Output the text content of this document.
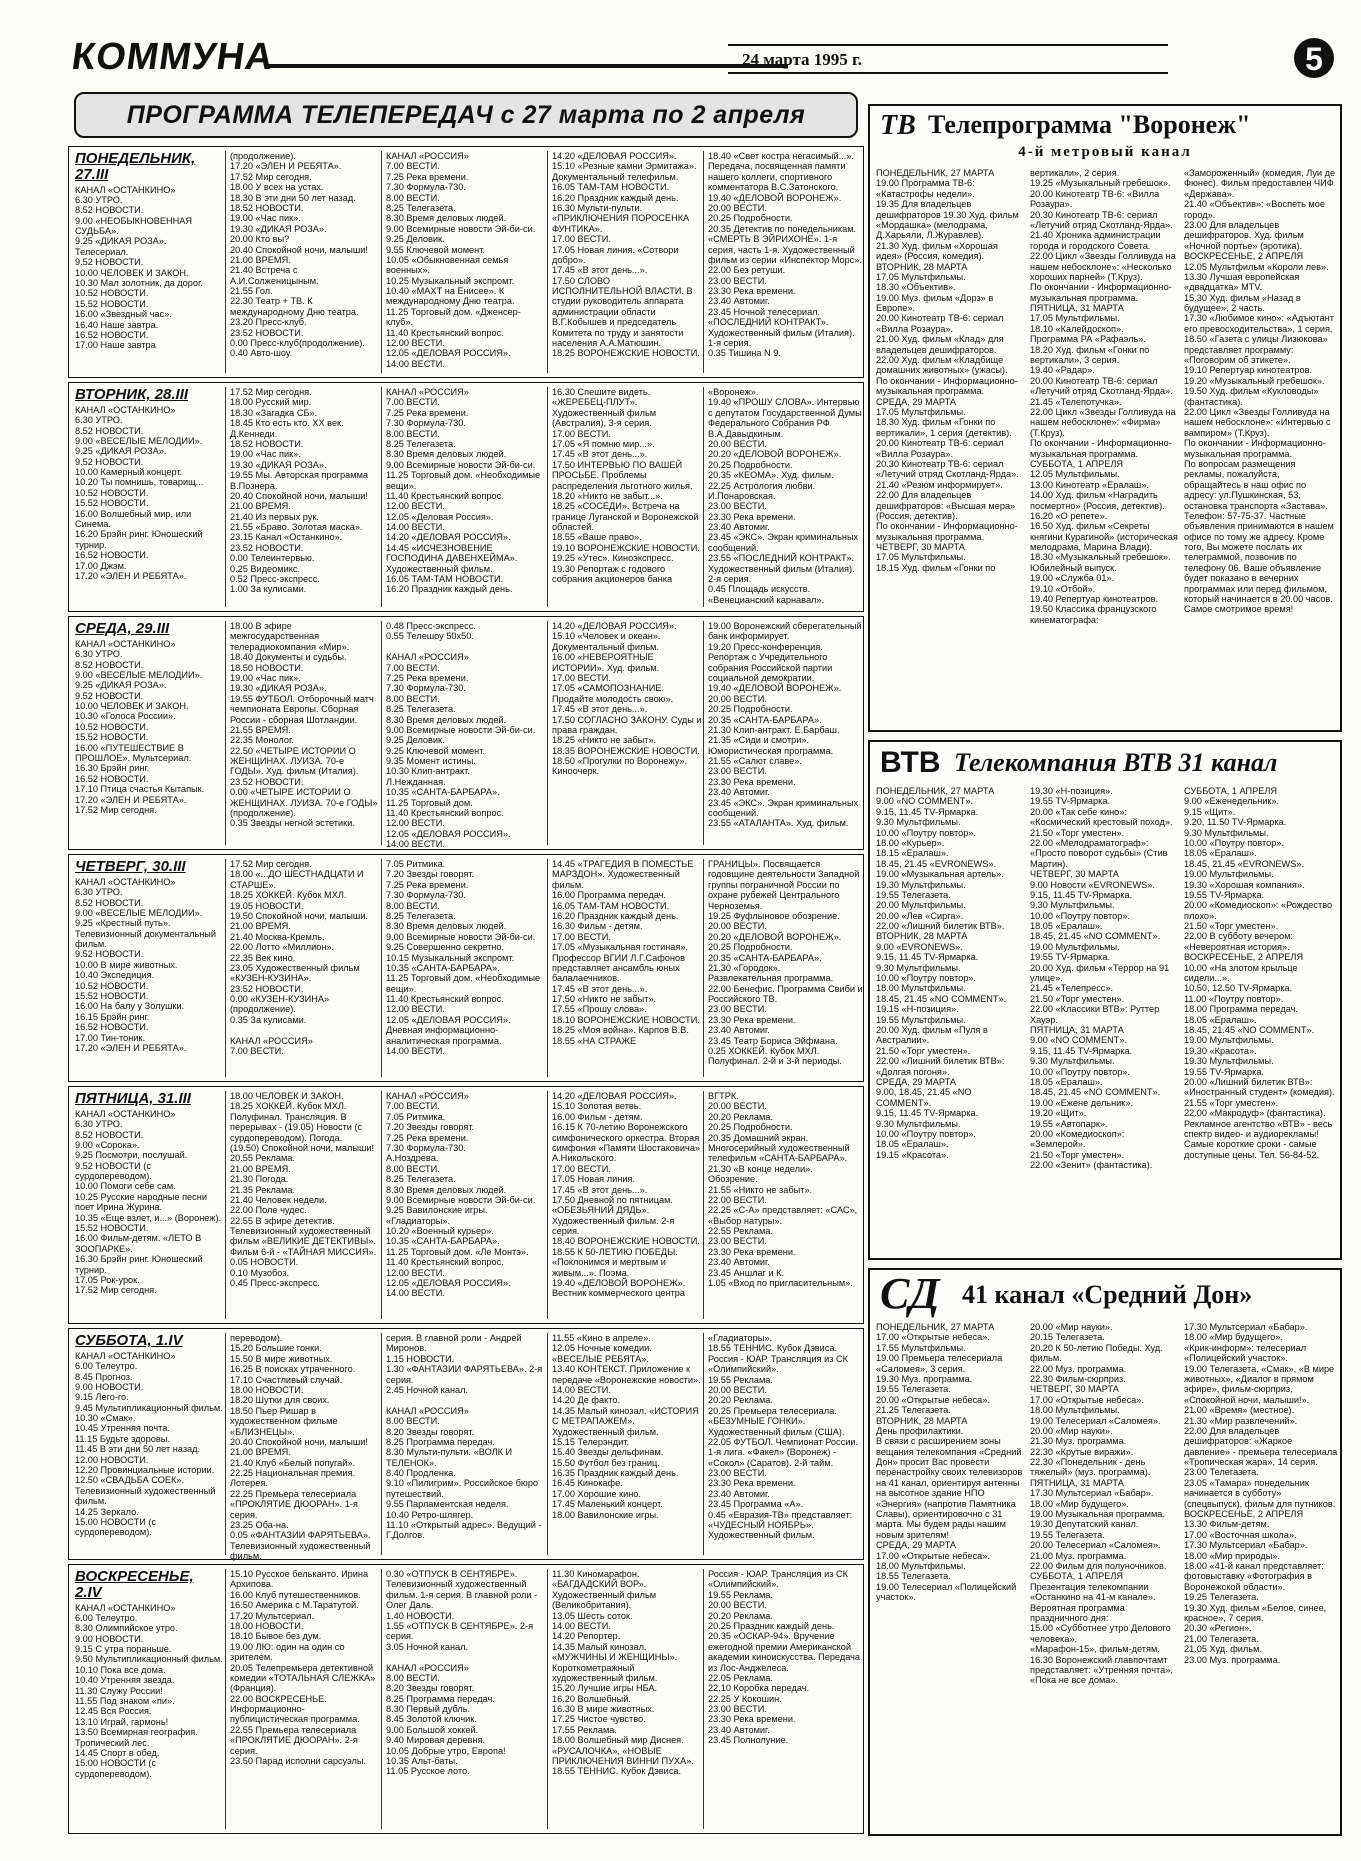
КОММУНА	24 марта 1995 г.	5
ПРОГРАММА ТЕЛЕПЕРЕДАЧ с 27 марта по 2 апреля
ПОНЕДЕЛЬНИК, 27.III
КАНАЛ «ОСТАНКИНО»
6.30 УТРО.
8.52 НОВОСТИ.
9.00 «НЕОБЫКНОВЕННАЯ СУДЬБА».
9.25 «ДИКАЯ РОЗА».
Телесериал.
9.52 НОВОСТИ.
10.00 ЧЕЛОВЕК И ЗАКОН.
10.30 Мал золотник, да дорог.
10.52 НОВОСТИ.
15.52 НОВОСТИ.
16.00 «Звездный час».
16.40 Наше завтра.
16.52 НОВОСТИ.
17.00 Наше завтра
(продолжение).
17.20 «ЭЛЕН И РЕБЯТА».
17.52 Мир сегодня.
18.00 У всех на устах.
18.30 В эти дни 50 лет назад.
18.52 НОВОСТИ.
19.00 «Час пик».
19.30 «ДИКАЯ РОЗА».
20.00 Кто вы?
20.40 Спокойной ночи, малыши!
21.00 ВРЕМЯ.
21.40 Встреча с А.И.Солженицыным.
21.55 Гол.
22.30 Театр + ТВ. К международному Дню театра.
23.20 Пресс-клуб.
23.52 НОВОСТИ.
0.00 Пресс-клуб(продолжение).
0.40 Авто-шоу.
КАНАЛ «РОССИЯ»
7.00 ВЕСТИ.
7.25 Река времени.
7.30 Формула-730.
8.00 ВЕСТИ.
8.25 Телегазета.
8.30 Время деловых людей.
9.00 Всемирные новости Эй-би-си.
9.25 Деловик.
9.55 Ключевой момент.
10.05 «Обыкновенная семья военных».
10.25 Музыкальный экспромт.
10.40 «МАХТ на Енисее». К международному Дню театра.
11.25 Торговый дом. «Дженсер-клуб».
11.40 Крестьянский вопрос.
12.00 ВЕСТИ.
12.05 «ДЕЛОВАЯ РОССИЯ».
14.00 ВЕСТИ.
14.20 «ДЕЛОВАЯ РОССИЯ».
15.10 «Резные камни Эрмитажа». Документальный телефильм.
16.05 ТАМ-ТАМ НОВОСТИ.
16.20 Праздник каждый день.
16.30 Мульти-пульти.
«ПРИКЛЮЧЕНИЯ ПОРОСЕНКА ФУНТИКА».
17.00 ВЕСТИ.
17.05 Новая линия. «Сотвори добро».
17.45 «В этот день...».
17.50 СЛОВО ИСПОЛНИТЕЛЬНОЙ ВЛАСТИ. В студии руководитель аппарата администрации области В.Г.Кобышев и председатель Комитета по труду и занятости населения А.А.Матюшин.
18.25 ВОРОНЕЖСКИЕ НОВОСТИ.
18.40 «Свет костра негасимый...». Передача, посвященная памяти нашего коллеги, спортивного комментатора В.С.Затонского.
19.40 «ДЕЛОВОЙ ВОРОНЕЖ».
20.00 ВЕСТИ.
20.25 Подробности.
20.35 Детектив по понедельникам. «СМЕРТЬ В ЭЙРИХОНЕ». 1-я серия, часть 1-я. Художественный фильм из серии «Инспектор Морс».
22.00 Без ретуши.
23.00 ВЕСТИ.
23.30 Река времени.
23.40 Автомиг.
23.45 Ночной телесериал. «ПОСЛЕДНИЙ КОНТРАКТ». Художественный фильм (Италия). 1-я серия.
0.35 Тишина N 9.
ВТОРНИК, 28.III
КАНАЛ «ОСТАНКИНО»
6.30 УТРО.
8.52 НОВОСТИ.
9.00 «ВЕСЕЛЫЕ МЕЛОДИИ».
9.25 «ДИКАЯ РОЗА».
9.52 НОВОСТИ.
10.00 Камерный концерт.
10.20 Ты помнишь, товарищ...
10.52 НОВОСТИ.
15.52 НОВОСТИ.
16.00 Волшебный мир, или Синема.
16.20 Брэйн ринг. Юношеский турнир.
16.52 НОВОСТИ.
17.00 Джэм.
17.20 «ЭЛЕН И РЕБЯТА».
17.52 Мир сегодня.
18.00 Русский мир.
18.30 «Загадка СБ».
18.45 Кто есть кто. XX век. Д.Кеннеди.
18.52 НОВОСТИ.
19.00 «Час пик».
19.30 «ДИКАЯ РОЗА».
19.55 Мы. Авторская программа В.Познера.
20.40 Спокойной ночи, малыши!
21.00 ВРЕМЯ.
21.40 Из первых рук.
21.55 «Браво. Золотая маска».
23.15 Канал «Останкино».
23.52 НОВОСТИ.
0.00 Телеинтервью.
0.25 Видеомикс.
0.52 Пресс-экспресс.
1.00 За кулисами.
КАНАЛ «РОССИЯ»
7.00 ВЕСТИ.
7.25 Река времени.
7.30 Формула-730.
8.00 ВЕСТИ.
8.25 Телегазета.
8.30 Время деловых людей.
9.00 Всемирные новости Эй-би-си.
11.25 Торговый дом. «Необходимые вещи».
11.40 Крестьянский вопрос.
12.00 ВЕСТИ.
12.05 «Деловая Россия».
14.00 ВЕСТИ.
14.20 «ДЕЛОВАЯ РОССИЯ».
14.45 «ИСЧЕЗНОВЕНИЕ ГОСПОДИНА ДАВЕНХЕЙМА». Художественный фильм.
16.05 ТАМ-ТАМ НОВОСТИ.
16.20 Праздник каждый день.
16.30 Спешите видеть. «ЖЕРЕБЕЦ-ПЛУТ». Художественный фильм (Австралия), 3-я серия.
17.00 ВЕСТИ.
17.05 «Я помню мир...».
17.45 «В этот день...».
17.50 ИНТЕРВЬЮ ПО ВАШЕЙ ПРОСЬБЕ. Проблемы распределения льготного жилья.
18.20 «Никто не забыт...».
18.25 «СОСЕДИ». Встреча на границе Луганской и Воронежской областей.
18.55 «Ваше право».
19.10 ВОРОНЕЖСКИЕ НОВОСТИ.
19.25 «Утес». Киноэкспресс.
19.30 Репортаж с годового собрания акционеров банка
«Воронеж».
19.40 «ПРОШУ СЛОВА». Интервью с депутатом Государственной Думы Федерального Собрания РФ В.А.Давыдкиным.
20.00 ВЕСТИ.
20.20 «ДЕЛОВОЙ ВОРОНЕЖ».
20.25 Подробности.
20.35 «КЕОМА». Худ. фильм.
22.25 Астрология любви.
И.Понаровская.
23.00 ВЕСТИ.
23.30 Река времени.
23.40 Автомиг.
23.45 «ЭКС». Экран криминальных сообщений.
23.55 «ПОСЛЕДНИЙ КОНТРАКТ». Художественный фильм (Италия). 2-я серия.
0.45 Площадь искусств. «Венецианский карнавал».
СРЕДА, 29.III
КАНАЛ «ОСТАНКИНО»
6.30 УТРО.
8.52 НОВОСТИ.
9.00 «ВЕСЕЛЫЕ МЕЛОДИИ».
9.25 «ДИКАЯ РОЗА».
9.52 НОВОСТИ.
10.00 ЧЕЛОВЕК И ЗАКОН.
10.30 «Голоса России».
10.52 НОВОСТИ.
15.52 НОВОСТИ.
16.00 «ПУТЕШЕСТВИЕ В ПРОШЛОЕ». Мультсериал.
16.30 Брэйн ринг.
16.52 НОВОСТИ.
17.10 Птица счастья Кытапык.
17.20 «ЭЛЕН И РЕБЯТА».
17.52 Мир сегодня.
18.00 В эфире межгосударственная телерадиокомпания «Мир».
18.40 Документы и судьбы.
18.50 НОВОСТИ.
19.00 «Час пик».
19.30 «ДИКАЯ РОЗА».
19.55 ФУТБОЛ. Отборочный матч чемпионата Европы. Сборная России - сборная Шотландии.
21.55 ВРЕМЯ.
22.35 Монолог.
22.50 «ЧЕТЫРЕ ИСТОРИИ О ЖЕНЩИНАХ. ЛУИЗА. 70-е ГОДЫ». Худ. фильм (Италия).
23.52 НОВОСТИ.
0.00 «ЧЕТЫРЕ ИСТОРИИ О ЖЕНЩИНАХ. ЛУИЗА. 70-е ГОДЫ» (продолжение).
0.35 Звезды негной эстетики.
0.48 Пресс-экспресс.
0.55 Телешоу 50х50.

КАНАЛ «РОССИЯ»
7.00 ВЕСТИ.
7.25 Река времени.
7.30 Формула-730.
8.00 ВЕСТИ.
8.25 Телегазета.
8.30 Время деловых людей.
9.00 Всемирные новости Эй-би-си.
9.25 Деловик.
9.25 Ключевой момент.
9.35 Момент истины.
10.30 Клип-антракт.
Л.Нежданная.
10.35 «САНТА-БАРБАРА».
11.25 Торговый дом.
11.40 Крестьянский вопрос.
12.00 ВЕСТИ.
12.05 «ДЕЛОВАЯ РОССИЯ».
14.00 ВЕСТИ.
14.20 «ДЕЛОВАЯ РОССИЯ».
15.10 «Человек и океан». Документальный фильм.
16.00 «НЕВЕРОЯТНЫЕ ИСТОРИИ». Худ. фильм.
17.00 ВЕСТИ.
17.05 «САМОПОЗНАНИЕ. Продайте молодость свою».
17.45 «В этот день...».
17.50 СОГЛАСНО ЗАКОНУ. Суды и права граждан.
18.25 «Никто не забыт».
18.35 ВОРОНЕЖСКИЕ НОВОСТИ.
18.50 «Прогулки по Воронежу». Киноочерк.
19.00 Воронежский сберегательный банк информирует.
19.20 Пресс-конференция. Репортаж с Учредительного собрания Российской партии социальной демократии.
19.40 «ДЕЛОВОЙ ВОРОНЕЖ».
20.00 ВЕСТИ.
20.25 Подробности.
20.35 «САНТА-БАРБАРА».
21.30 Клип-антракт. Е.Барбаш.
21.35 «Сиди и смотри». Юмористическая программа.
21.55 «Салют славе».
23.00 ВЕСТИ.
23.30 Река времени.
23.40 Автомиг.
23.45 «ЭКС». Экран криминальных сообщений.
23.55 «АТАЛАНТА». Худ. фильм.
ЧЕТВЕРГ, 30.III
КАНАЛ «ОСТАНКИНО»
6.30 УТРО.
8.52 НОВОСТИ.
9.00 «ВЕСЕЛЫЕ МЕЛОДИИ».
9.25 «Крестный путь». Телевизионный документальный фильм.
9.52 НОВОСТИ.
10.00 В мире животных.
10.40 Экспедиция.
10.52 НОВОСТИ.
15.52 НОВОСТИ.
16.00 На балу у Золушки.
16.15 Брэйн ринг.
16.52 НОВОСТИ.
17.00 Тин-тоник.
17.20 «ЭЛЕН И РЕБЯТА».
17.52 Мир сегодня.
18.00 «...ДО ШЕСТНАДЦАТИ И СТАРШЕ».
18.25 ХОККЕЙ. Кубок МХЛ.
19.05 НОВОСТИ.
19.50 Спокойной ночи, малыши.
21.00 ВРЕМЯ.
21.40 Москва-Кремль.
22.00 Лотто «Миллион».
22.35 Век кино.
23.05 Художественный фильм «КУЗЕН-КУЗИНА».
23.52 НОВОСТИ.
0.00 «КУЗЕН-КУЗИНА» (продолжение).
0.35 За кулисами.

КАНАЛ «РОССИЯ»
7.00 ВЕСТИ.
7.05 Ритмика.
7.20 Звезды говорят.
7.25 Река времени.
7.30 Формула-730.
8.00 ВЕСТИ.
8.25 Телегазета.
8.30 Время деловых людей.
9.00 Всемирные новости Эй-би-си.
9.25 Совершенно секретно.
10.15 Музыкальный экспромт.
10.35 «САНТА-БАРБАРА».
11.25 Торговый дом. «Необходимые вещи».
11.40 Крестьянский вопрос.
12.00 ВЕСТИ.
12.05 «ДЕЛОВАЯ РОССИЯ».
Дневная информационно-аналитическая программа.
14.00 ВЕСТИ.
14.45 «ТРАГЕДИЯ В ПОМЕСТЬЕ МАРЗДОН». Художественный фильм.
16.00 Программа передач.
16.05 ТАМ-ТАМ НОВОСТИ.
16.20 Праздник каждый день.
16.30 Фильм - детям.
17.00 ВЕСТИ.
17.05 «Музыкальная гостиная». Профессор ВГИИ Л.Г.Сафонов представляет ансамбль юных балалаечников.
17.45 «В этот день...».
17.50 «Никто не забыт».
17.55 «Прошу слова».
18.10 ВОРОНЕЖСКИЕ НОВОСТИ.
18.25 «Моя война». Карпов В.В.
18.55 «НА СТРАЖЕ
ГРАНИЦЫ». Посвящается годовщине деятельности Западной группы пограничной России по охране рубежей Центрального Черноземья.
19.25 Фуфлыновое обозрение.
20.00 ВЕСТИ.
20.20 «ДЕЛОВОЙ ВОРОНЕЖ».
20.25 Подробности.
20.35 «САНТА-БАРБАРА».
21.30 «Городок».
Развлекательная программа.
22.00 Бенефис. Программа Свиби и Российского ТВ.
23.00 ВЕСТИ.
23.30 Река времени.
23.40 Автомиг.
23.45 Театр Бориса Эйфмана.
0.25 ХОККЕЙ. Кубок МХЛ. Полуфинал. 2-й и 3-й периоды.
ПЯТНИЦА, 31.III
КАНАЛ «ОСТАНКИНО»
6.30 УТРО.
8.52 НОВОСТИ.
9.00 «Сорока».
9.25 Посмотри, послушай.
9.52 НОВОСТИ (с сурдопереводом).
10.00 Помоги себе сам.
10.25 Русские народные песни поет Ирина Журина.
10.35 «Еще взлет, и...» (Воронеж).
15.52 НОВОСТИ.
16.00 Фильм-детям. «ЛЕТО В ЗООПАРКЕ».
16.30 Брэйн ринг. Юношеский турнир.
17.05 Рок-урок.
17.52 Мир сегодня.
18.00 ЧЕЛОВЕК И ЗАКОН.
18.25 ХОККЕЙ. Кубок МХЛ. Полуфинал. Трансляция. В перерывах - (19.05) Новости (с сурдопереводом). Погода.
(19.50) Спокойной ночи, малыши!
20.55 Реклама.
21.00 ВРЕМЯ.
21.30 Погода.
21.35 Реклама.
21.40 Человек недели.
22.00 Поле чудес.
22.55 В эфире детектив.
Телевизионный художественный фильм «ВЕЛИКИЕ ДЕТЕКТИВЫ». Фильм 6-й - «ТАЙНАЯ МИССИЯ».
0.05 НОВОСТИ.
0.10 Музобоз.
0.45 Пресс-экспресс.
КАНАЛ «РОССИЯ»
7.00 ВЕСТИ.
7.05 Ритмика.
7.20 Звезды говорят.
7.25 Река времени.
7.30 Формула-730.
А.Ноздрева.
8.00 ВЕСТИ.
8.25 Телегазета.
8.30 Время деловых людей.
9.00 Всемирные новости Эй-би-си.
9.25 Вавилонские игры.
«Гладиаторы».
10.20 «Военный курьер».
10.35 «САНТА-БАРБАРА».
11.25 Торговый дом. «Ле Монтэ».
11.40 Крестьянский вопрос.
12.00 ВЕСТИ.
12.05 «ДЕЛОВАЯ РОССИЯ».
14.00 ВЕСТИ.
14.20 «ДЕЛОВАЯ РОССИЯ».
15.10 Золотая ветвь.
16.00 Фильм - детям.
16.15 К 70-летию Воронежского симфонического оркестра. Вторая симфония «Памяти Шостаковича» А.Никольского.
17.00 ВЕСТИ.
17.05 Новая линия.
17.45 «В этот день...».
17.50 Дневной по пятницам.
«ОБЕЗЬЯНИЙ ДЯДЬ». Художественный фильм. 2-я серия.
18.40 ВОРОНЕЖСКИЕ НОВОСТИ.
18.55 К 50-ЛЕТИЮ ПОБЕДЫ. «Поклонимся и мертвым и живым...». Поэма.
19.40 «ДЕЛОВОЙ ВОРОНЕЖ». Вестник коммерческого центра
ВГТРК.
20.00 ВЕСТИ.
20.20 Реклама.
20.25 Подробности.
20.35 Домашний экран. Многосерийный художественный телефильм «САНТА-БАРБАРА».
21.30 «В конце недели». Обозрение.
21.55 «Никто не забыт».
22.00 ВЕСТИ.
22.25 «С-А» представляет: «САС», «Выбор натуры».
22.55 Реклама.
23.00 ВЕСТИ.
23.30 Река времени.
23.40 Автомиг.
23.45 Аншлаг и К.
1.05 «Вход по пригласительным».
СУББОТА, 1.IV
КАНАЛ «ОСТАНКИНО»
6.00 Телеутро.
8.45 Прогноз.
9.00 НОВОСТИ.
9.15 Лего-го.
9.45 Мультипликационный фильм.
10.30 «Смак».
10.45 Утренняя почта.
11.15 Будьте здоровы.
11.45 В эти дни 50 лет назад.
12.00 НОВОСТИ.
12.20 Провинциальные истории.
12.50 «СВАДЬБА СОЕК». Телевизионный художественный фильм.
14.25 Зеркало.
15.00 НОВОСТИ (с сурдопереводом).
переводом).
15.20 Большие гонки.
15.50 В мире животных.
16.25 В поисках утраченного.
17.10 Счастливый случай.
18.00 НОВОСТИ.
18.20 Шутки для своих.
18.50 Пьер Ришар в художественном фильме «БЛИЗНЕЦЫ».
20.40 Спокойной ночи, малыши!
21.00 ВРЕМЯ.
21.40 Клуб «Белый попугай».
22.25 Национальная премия. Лотерея.
22.25 Премьера телесериала «ПРОКЛЯТИЕ ДЮОРАН». 1-я серия.
23.25 Оба-на.
0.05 «ФАНТАЗИИ ФАРЯТЬЕВА». Телевизионный художественный фильм.
серия. В главной роли - Андрей Миронов.
1.15 НОВОСТИ.
1.30 «ФАНТАЗИИ ФАРЯТЬЕВА». 2-я серия.
2.45 Ночной канал.

КАНАЛ «РОССИЯ»
8.00 ВЕСТИ.
8.20 Звезды говорят.
8.25 Программа передач.
8.30 Мульти-пульти. «ВОЛК И ТЕЛЕНОК».
8.40 Продленка.
9.10 «Пилигрим». Российское бюро путешествий.
9.55 Парламентская неделя.
10.40 Ретро-шлягер.
11.10 «Открытый адрес». Ведущий - Г.Долгов.
11.55 «Кино в апреле».
12.05 Ночные комедии. «ВЕСЕЛЫЕ РЕБЯТА».
13.40 КОНТЕКСТ. Приложение к передаче «Воронежские новости».
14.00 ВЕСТИ.
14.20 Де факто.
14.35 Малый кинозал. «ИСТОРИЯ С МЕТРАПАЖЕМ». Художественный фильм.
15.15 Телерэндит.
15.40 Звезды дельфинам.
15.50 Футбол без границ.
16.35 Праздник каждый день.
16.45 Кинокафе.
17.00 Хорошие кино.
17.45 Маленький концерт.
18.00 Вавилонские игры.
«Гладиаторы».
18.55 ТЕННИС. Кубок Дэвиса. Россия - ЮАР. Трансляция из СК «Олимпийский».
19.55 Реклама.
20.00 ВЕСТИ.
20.20 Реклама.
20.25 Премьера телесериала. «БЕЗУМНЫЕ ГОНКИ». Художественный фильм (США).
22.05 ФУТБОЛ. Чемпионат России. 1-я лига. «Факел» (Воронеж) - «Сокол» (Саратов). 2-й тайм.
23.00 ВЕСТИ.
23.30 Река времени.
23.40 Автомиг.
23.45 Программа «А».
0.45 «Евразия-ТВ» представляет: «ЧУДЕСНЫЙ НОЯБРЬ». Художественный фильм.
ВОСКРЕСЕНЬЕ, 2.IV
КАНАЛ «ОСТАНКИНО»
6.00 Телеутро.
8.30 Олимпийское утро.
9.00 НОВОСТИ.
9.15 С утра пораньше.
9.50 Мультипликационный фильм.
10.10 Пока все дома.
10.40 Утренняя звезда.
11.30 Служу России!
11.55 Под знаком «пи».
12.45 Вся Россия.
13.10 Играй, гармонь!
13.50 Всемирная география. Тропический лес.
14.45 Спорт в обед.
15.00 НОВОСТИ (с сурдопереводом).
15.10 Русское бельканто. Ирина Архипова.
16.00 Клуб путешественников.
16.50 Америка с М.Таратутой.
17.20 Мультсериал.
18.00 НОВОСТИ.
18.10 Бывое без дум.
19.00 ЛЮ: один на один со зрителем.
20.05 Телепремьера детективной комедии «ТОТАЛЬНАЯ СЛЕЖКА» (Франция).
22.00 ВОСКРЕСЕНЬЕ. Информационно-публицистическая программа.
22.55 Премьера телесериала «ПРОКЛЯТИЕ ДЮОРАН». 2-я серия.
23.50 Парад исполни сарсуэлы.
0.30 «ОТПУСК В СЕНТЯБРЕ». Телевизионный художественный фильм. 1-я серия. В главной роли - Олег Даль.
1.40 НОВОСТИ.
1.55 «ОТПУСК В СЕНТЯБРЕ». 2-я серия.
3.05 Ночной канал.

КАНАЛ «РОССИЯ»
8.00 ВЕСТИ.
8.20 Звезды говорят.
8.25 Программа передач.
8.30 Первый дубль.
8.45 Золотой ключик.
9.00 Большой хоккей.
9.40 Мировая деревня.
10.05 Добрые утро, Европа!
10.35 Альт-баты.
11.05 Русское лото.
11.30 Киномарафон. «БАГДАДСКИЙ ВОР». Художественный фильм (Великобритания).
13.05 Шесть соток.
14.00 ВЕСТИ.
14.20 Репортер.
14.35 Малый кинозал. «МУЖЧИНЫ И ЖЕНЩИНЫ». Короткометражный художественный фильм.
15.20 Лучшие игры НБА.
16.20 Волшебный.
16.30 В мире животных.
17.25 Чистое чувство.
17.55 Реклама.
18.00 Волшебный мир Диснея. «РУСАЛОЧКА», «НОВЫЕ ПРИКЛЮЧЕНИЯ ВИННИ ПУХА».
18.55 ТЕННИС. Кубок Дэвиса.
Россия - ЮАР. Трансляция из СК «Олимпийский».
19.55 Реклама.
20.00 ВЕСТИ.
20.20 Реклама.
20.25 Праздник каждый день.
20.35 «ОСКАР-94». Вручение ежегодной премии Американской академии киноискусства. Передача из Лос-Анджелеса.
22.05 Реклама.
22.10 Коробка передач.
22.25 У Кокошин.
23.00 ВЕСТИ.
23.30 Река времени.
23.40 Автомиг.
23.45 Полнолуние.
ТВ Телепрограмма "Воронеж"
4-й метровый канал
ПОНЕДЕЛЬНИК, 27 МАРТА
19.00 Программа ТВ-6: «Катастрофы недели».
19.35 Для владельцев дешифраторов 19.30 Худ. фильм «Мордашка» (мелодрама, Д.Харьяли, Л.Журавлев).
21.30 Худ. фильм «Хорошая идея» (Россия, комедия).
ВТОРНИК, 28 МАРТА
17.05 Мультфильмы.
18.30 «Объектив».
19.00 Муз. фильм «Дорз» в Европе».
20.00 Кинотеатр ТВ-6: сериал «Вилла Розаура».
21.00 Худ. фильм «Клад» для владельцев дешифраторов.
22.00 Худ. фильм «Кладбище домашних животных» (ужасы).
По окончании - Информационно-музыкальная программа.
СРЕДА, 29 МАРТА
17.05 Мультфильмы.
18.30 Худ. фильм «Гонки по вертикали», 1 серия (детектив).
20.00 Кинотеатр ТВ-6: сериал «Вилла Розаура».
20.30 Кинотеатр ТВ-6: сериал «Летучий отряд Скотланд-Ярда».
21.40 «Резюм информирует».
22.00 Для владельцев дешифраторов: «Высшая мера» (Россия, детектив).
По окончании - Информационно-музыкальная программа.
ЧЕТВЕРГ, 30 МАРТА
17.05 Мультфильмы.
18.15 Худ. фильм «Гонки по
вертикали», 2 серия.
19.25 «Музыкальный гребешок».
20.00 Кинотеатр ТВ-6: «Вилла Розаура».
20.30 Кинотеатр ТВ-6: сериал «Летучий отряд Скотланд-Ярда».
21.40 Хроника администрации города и городского Совета.
22.00 Цикл «Звезды Голливуда на нашем небосклоне»: «Несколько хороших парней» (Т.Круз).
По окончании - Информационно-музыкальная программа.
ПЯТНИЦА, 31 МАРТА
17.05 Мультфильмы.
18.10 «Калейдоскоп».
Программа РА «Рафаэль».
18.20 Худ. фильм «Гонки по вертикали», 3 серия.
19.40 «Радар».
20.00 Кинотеатр ТВ-6: сериал «Летучий отряд Скотланд-Ярда».
21.45 «Телепотучка».
22.00 Цикл «Звезды Голливуда на нашем небосклоне»: «Фирма» (Т.Круз).
По окончании - Информационно-музыкальная программа.
СУББОТА, 1 АПРЕЛЯ
12.05 Мультфильмы.
13.00 Кинотеатр «Ералаш».
14.00 Худ. фильм «Наградить посмертно» (Россия, детектив).
16.20 «О репете».
16.50 Худ. фильм «Секреты княгини Курагиной» (историческая мелодрама, Марина Влади).
18.30 «Музыкальный гребешок». Юбилейный выпуск.
19.00 «Служба 01».
19.10 «Отбой».
19.40 Репертуар кинотеатров.
19.50 Классика французского кинематографа:
«Замороженный» (комедия, Луи де Фюнес). Фильм предоставлен ЧИФ «Держава».
21.40 «Объектив»: «Воспеть мое город».
23.00 Для владельцев дешифраторов. Худ. фильм «Ночной портье» (эротика).
ВОСКРЕСЕНЬЕ, 2 АПРЕЛЯ
12.05 Мультфильм «Короли лев».
13.30 Лучшая европейская «двадцатка» MTV.
15.30 Худ. фильм «Назад в будущее», 2 часть.
17.30 «Любимое кино»: «Адъютант его превосходительства», 1 серия.
18.50 «Газета с улицы Лизюкова» представляет программу: «Поговорим об этикете».
19.10 Репертуар кинотеатров.
19.20 «Музыкальный гребешок».
19.50 Худ. фильм «Кукловоды» (фантастика).
22.00 Цикл «Звезды Голливуда на нашем небосклоне»: «Интервью с вампиром» (Т.Круз).
По окончании - Информационно-музыкальная программа.
По вопросам размещения рекламы, пожалуйста, обращайтесь в наш офис по адресу: ул.Пушкинская, 53, остановка транспорта «Застава». Телефон: 57-75-37. Частные объявления принимаются в нашем офисе по тому же адресу. Кроме того, Вы можете послать их телеграммой, позвонив по телефону 06. Ваше объявление будет показано в вечерних программах или перед фильмом, который начинается в 20.00 часов. Самое смотримое время!
ВТВ Телекомпания ВТВ 31 канал
ПОНЕДЕЛЬНИК, 27 МАРТА
9.00 «NO COMMENT».
9.15, 11.45 TV-Ярмарка.
9.30 Мультфильмы.
10.00 «Поутру повтор».
18.00 «Курьер».
18.15 «Ералаш».
18.45, 21.45 «EVRONEWS».
19.00 «Музыкальная артель».
19.30 Мультфильмы.
19.55 Телегазета.
20.00 Мультфильмы.
20.00 «Лев «Сирга».
22.00 «Лишний билетик ВТВ».
ВТОРНИК, 28 МАРТА
9.00 «EVRONEWS».
9.15, 11.45 TV-Ярмарка.
9.30 Мультфильмы.
10.00 «Поутру повтор».
18.00 Мультфильмы.
18.45, 21.45 «NO COMMENT».
19.15 «Н-позиция».
19.55 Мультфильмы.
20.00 Худ. фильм «Пуля в Австралии».
21.50 «Торг уместен».
22.00 «Лишний билетик ВТВ»: «Долгая погоня».
СРЕДА, 29 МАРТА
9.00, 18.45, 21.45 «NO COMMENT».
9.15, 11.45 TV-Ярмарка.
9.30 Мультфильмы.
10.00 «Поутру повтор».
18.05 «Ералаш».
19.15 «Красота».
19.30 «Н-позиция».
19.55 TV-Ярмарка.
20.00 «Так себе кино»: «Космический крестовый поход».
21.50 «Торг уместен».
22.00 «Мелодраматограф»: «Просто поворот судьбы» (Стив Мартин).
ЧЕТВЕРГ, 30 МАРТА
9.00 Новости «EVRONEWS».
9.15, 11.45 TV-Ярмарка.
9.30 Мультфильмы.
10.00 «Поутру повтор».
18.05 «Ералаш».
18.45, 21.45 «NO COMMENT».
19.00 Мультфильмы.
19.55 TV-Ярмарка.
20.00 Худ. фильм «Террор на 91 улице».
21.45 «Телепресс».
21.50 «Торг уместен».
22.00 «Классики ВТВ»: Руттер Хауэр.
ПЯТНИЦА, 31 МАРТА
9.00 «NO COMMENT».
9.15, 11.45 TV-Ярмарка.
9.30 Мультфильмы.
10.00 «Поутру повтор».
18.05 «Ералаш».
18.45, 21.45 «NO COMMENT».
19.00 «Ежене дельник».
19.20 «Щит».
19.55 «Автопарк».
20.00 «Комедиоскоп»: «Землерой».
21.50 «Торг уместен».
22.00 «Зенит» (фантастика).
СУББОТА, 1 АПРЕЛЯ
9.00 «Еженедельник».
9.15 «Щит».
9.20, 11.50 TV-Ярмарка.
9.30 Мультфильмы.
10.00 «Поутру повтор».
18.05 «Ералаш».
18.45, 21.45 «EVRONEWS».
19.00 Мультфильмы.
19.30 «Хорошая компания».
19.55 TV-Ярмарка.
20.00 «Комедиоскоп»: «Рождество плохо».
21.50 «Торг уместен».
22.00 В субботу вечером: «Невероятная история».
ВОСКРЕСЕНЬЕ, 2 АПРЕЛЯ
10.00 «На злотом крыльце сидели...».
10.50, 12.50 TV-Ярмарка.
11.00 «Поутру повтор».
18.00 Программа передач.
18.05 «Ералаш».
18.45, 21.45 «NO COMMENT».
19.00 Мультфильмы.
19.30 «Красота».
19.30 Мультфильмы.
19.55 TV-Ярмарка.
20.00 «Лишний билетик ВТВ»: «Иностранный студент» (комедия).
21.55 «Торг уместен».
22.00 «Макродуф» (фантастика).
Рекламное агентство «ВТВ» - весь спектр видео- и аудиорекламы! Самые короткие сроки - самые доступные цены. Тел. 56-84-52.
СД 41 канал «Средний Дон»
ПОНЕДЕЛЬНИК, 27 МАРТА
17.00 «Открытые небеса».
17.55 Мультфильмы.
19.00 Премьера телесериала «Саломея», 3 серия.
19.30 Муз. программа.
19.55 Телегазета.
20.00 «Открытые небеса».
21.25 Телегазета.
ВТОРНИК, 28 МАРТА
День профилактики.
В связи с расширением зоны вещания телекомпания «Средний Дон» просит Вас провести перенастройку своих телевизоров на 41 канал, ориентируя антенны на высотное здание НПО «Энергия» (напротив Памятника Славы), ориентировочно с 31 марта. Мы будем рады нашим новым зрителям!
СРЕДА, 29 МАРТА
17.00 «Открытые небеса».
18.00 Мультфильмы.
18.55 Телегазета.
19.00 Телесериал «Полицейский участок».
20.00 «Мир науки».
20.15 Телегазета.
20.20 К 50-летию Победы. Худ. фильм.
22.00 Муз. программа.
22.30 Фильм-сюрприз.
ЧЕТВЕРГ, 30 МАРТА
17.00 «Открытые небеса».
18.00 Мультфильмы.
19.00 Телесериал «Саломея».
20.00 «Мир науки».
21.30 Муз. программа.
22.30 «Крутые виражи».
22.30 «Понедельник - день тяжелый» (муз. программа).
ПЯТНИЦА, 31 МАРТА
17.30 Мультсериал «Бабар».
18.00 «Мир будущего».
19.00 Музыкальная программа.
19.30 Депутатский канал.
19.55 Телегазета.
20.00 Телесериал «Саломея».
21.00 Муз. программа.
22.00 Фильм для полуночников.
СУББОТА, 1 АПРЕЛЯ
Презентация телекомпании «Останкино на 41-м канале». Вероятная программа праздничного дня:
15.00 «Субботнее утро Делового человека».
«Марафон-15», фильм-детям.
16.30 Воронежский главпочтамт представляет: «Утренняя почта», «Пока не все дома».
17.30 Мультсериал «Бабар».
18.00 «Мир будущего».
«Крик-информ»: телесериал «Полицейский участок».
19.00 Телегазета, «Смак», «В мире животных», «Диалог в прямом эфире», фильм-сюрприз, «Спокойной ночи, малыши!».
21.00 «Время» (местное).
21.30 «Мир развлечений».
22.00 Для владельцев дешифраторов: «Жаркое давление» - премьера телесериала «Тропическая жара», 14 серия.
23.00 Телегазета.
23.05 «Тамара» понедельник начинается в субботу» (спецвыпуск), фильм для путников.
ВОСКРЕСЕНЬЕ, 2 АПРЕЛЯ
13.30 Фильм-детям.
17.00 «Восточная школа».
17.30 Мультсериал «Бабар».
18.00 «Мир природы».
18.00 «41-й канал представляет: фотовыставку «Фотография в Воронежской области».
19.25 Телегазета.
19.30 Худ. фильм «Белое, синее, красное», 7 серия.
20.30 «Регион».
21.00 Телегазета.
21.05 Худ. фильм.
23.00 Муз. программа.
